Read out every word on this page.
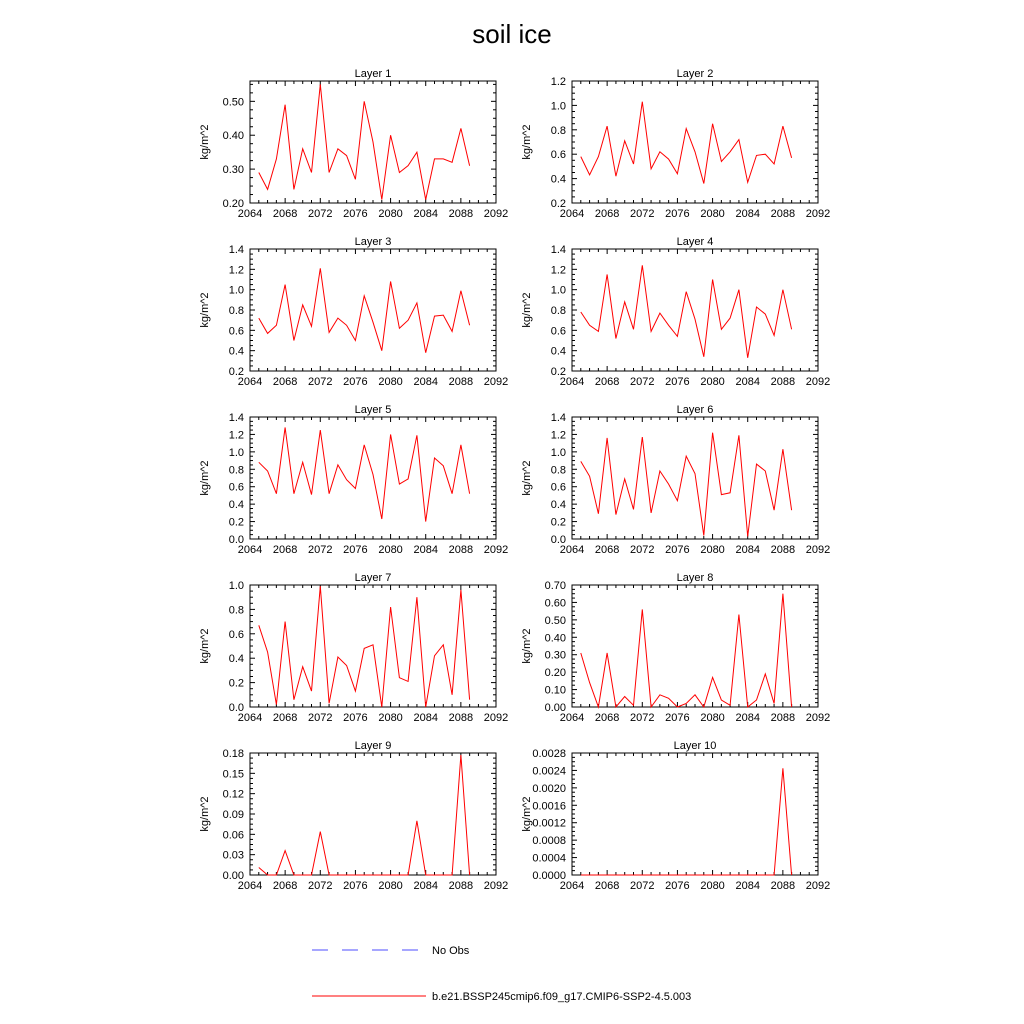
soil ice
Layer 1
kg/m^2
2064 2068 2072 2076 2080 2084 2088 2092
0.20
0.30
0.40
0.50
Layer 2
kg/m^2
2064 2068 2072 2076 2080 2084 2088 2092
0.2
0.4
0.6
0.8
1.0
1.2
Layer 3
kg/m^2
2064 2068 2072 2076 2080 2084 2088 2092
0.2
0.4
0.6
0.8
1.0
1.2
1.4
Layer 4
kg/m^2
2064 2068 2072 2076 2080 2084 2088 2092
0.2
0.4
0.6
0.8
1.0
1.2
1.4
Layer 5
kg/m^2
2064 2068 2072 2076 2080 2084 2088 2092
0.0
0.2
0.4
0.6
0.8
1.0
1.2
1.4
Layer 6
kg/m^2
2064 2068 2072 2076 2080 2084 2088 2092
0.0
0.2
0.4
0.6
0.8
1.0
1.2
1.4
Layer 7
kg/m^2
2064 2068 2072 2076 2080 2084 2088 2092
0.0
0.2
0.4
0.6
0.8
1.0
Layer 8
kg/m^2
2064 2068 2072 2076 2080 2084 2088 2092
0.00
0.10
0.20
0.30
0.40
0.50
0.60
0.70
Layer 9
kg/m^2
2064 2068 2072 2076 2080 2084 2088 2092
0.00
0.03
0.06
0.09
0.12
0.15
0.18
Layer 10
kg/m^2
2064 2068 2072 2076 2080 2084 2088 2092
0.0000
0.0004
0.0008
0.0012
0.0016
0.0020
0.0024
0.0028
No Obs
b.e21.BSSP245cmip6.f09_g17.CMIP6-SSP2-4.5.003
